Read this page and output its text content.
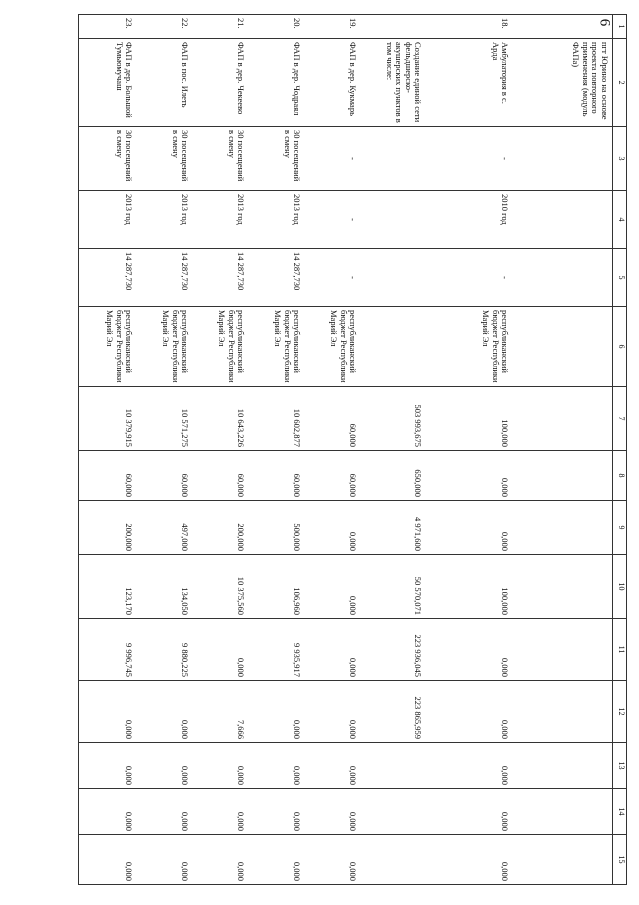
6
1	2	3	4	5	6	7	8	9	10	11	12	13	14	15
	пгт Юрино на основе проекта повторного применения (модуль ФАПа)													
18.	Амбулатория в с. Арда	-	2010 год	-	республиканский бюджет Республики Марий Эл	100,000	0,000	0,000	100,000	0,000	0,000	0,000	0,000	0,000
	Создание единой сети фельдшерско-акушерских пунктов в том числе:					503 993,675	650,000	4 971,600	50 570,071	223 936,045	223 865,959			
19.	ФАП в дер. Кукмарь	-	-	-	республиканский бюджет Республики Марий Эл	60,000	60,000	0,000	0,000	0,000	0,000	0,000	0,000	0,000
20.	ФАП в дер. Чодраял	30 посещений в смену	2013 год	14 287,730	республиканский бюджет Республики Марий Эл	10 602,877	60,000	500,000	106,960	9 935,917	0,000	0,000	0,000	0,000
21.	ФАП в дер. Чекеево	30 посещений в смену	2013 год	14 287,730	республиканский бюджет Республики Марий Эл	10 643,226	60,000	200,000	10 375,560	0,000	7,666	0,000	0,000	0,000
22.	ФАП в пос. Илеть	30 посещений в смену	2013 год	14 287,730	республиканский бюджет Республики Марий Эл	10 571,275	60,000	497,000	134,050	9 880,225	0,000	0,000	0,000	0,000
23.	ФАП в дер. Большой Тумьюмучаш	30 посещений в смену	2013 год	14 287,730	республиканский бюджет Республики Марий Эл	10 379,915	60,000	200,000	123,170	9 996,745	0,000	0,000	0,000	0,000
